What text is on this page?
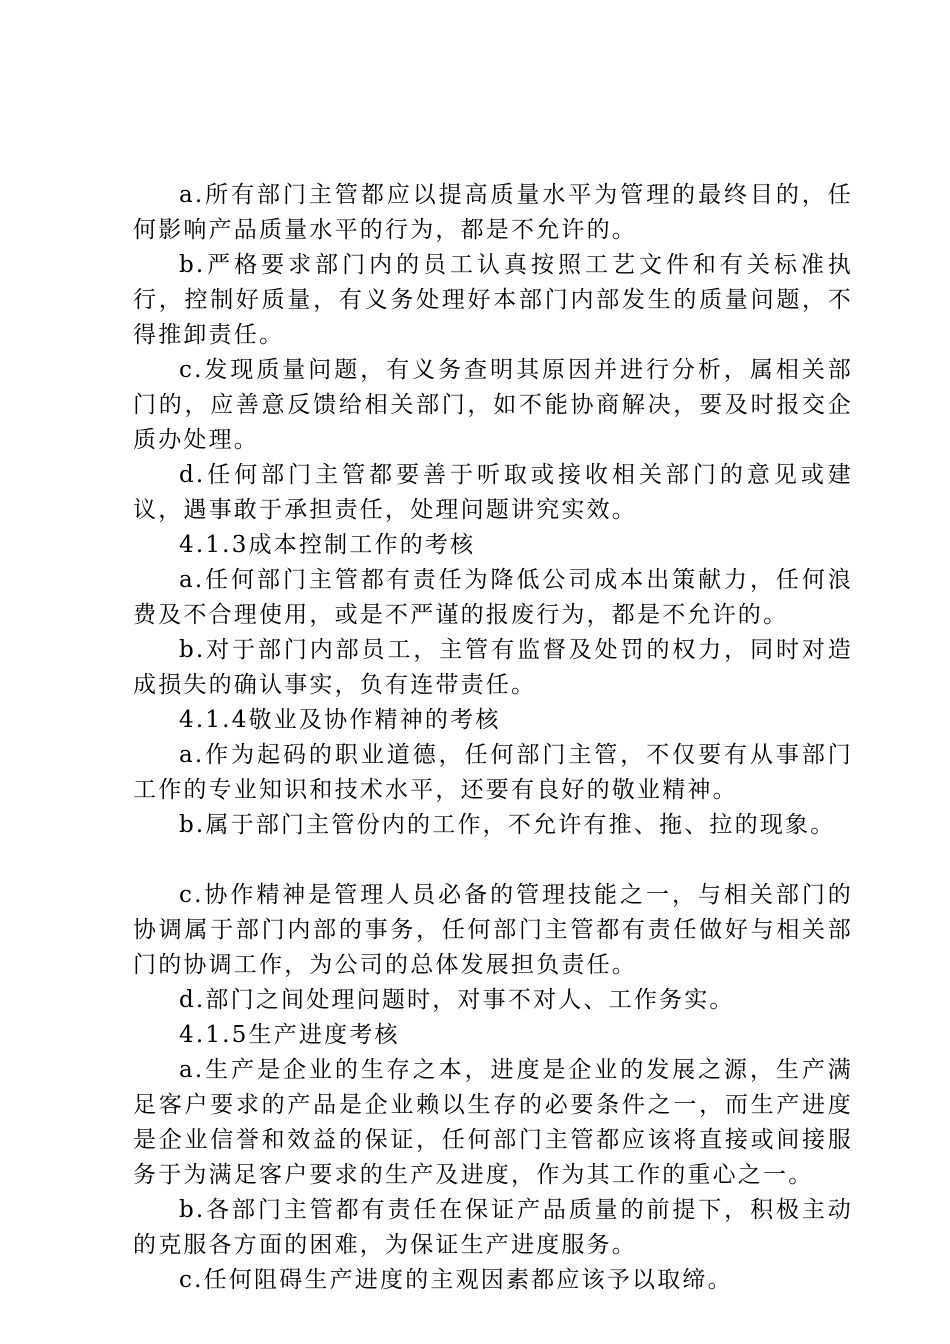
a.所有部门主管都应以提高质量水平为管理的最终目的，任何影响产品质量水平的行为，都是不允许的。

b.严格要求部门内的员工认真按照工艺文件和有关标准执行，控制好质量，有义务处理好本部门内部发生的质量问题，不得推卸责任。

c.发现质量问题，有义务查明其原因并进行分析，属相关部门的，应善意反馈给相关部门，如不能协商解决，要及时报交企质办处理。

d.任何部门主管都要善于听取或接收相关部门的意见或建议，遇事敢于承担责任，处理问题讲究实效。

4.1.3成本控制工作的考核

a.任何部门主管都有责任为降低公司成本出策献力，任何浪费及不合理使用，或是不严谨的报废行为，都是不允许的。

b.对于部门内部员工，主管有监督及处罚的权力，同时对造成损失的确认事实，负有连带责任。

4.1.4敬业及协作精神的考核

a.作为起码的职业道德，任何部门主管，不仅要有从事部门工作的专业知识和技术水平，还要有良好的敬业精神。

b.属于部门主管份内的工作，不允许有推、拖、拉的现象。

c.协作精神是管理人员必备的管理技能之一，与相关部门的协调属于部门内部的事务，任何部门主管都有责任做好与相关部门的协调工作，为公司的总体发展担负责任。

d.部门之间处理问题时，对事不对人、工作务实。

4.1.5生产进度考核

a.生产是企业的生存之本，进度是企业的发展之源，生产满足客户要求的产品是企业赖以生存的必要条件之一，而生产进度是企业信誉和效益的保证，任何部门主管都应该将直接或间接服务于为满足客户要求的生产及进度，作为其工作的重心之一。

b.各部门主管都有责任在保证产品质量的前提下，积极主动的克服各方面的困难，为保证生产进度服务。

c.任何阻碍生产进度的主观因素都应该予以取缔。
